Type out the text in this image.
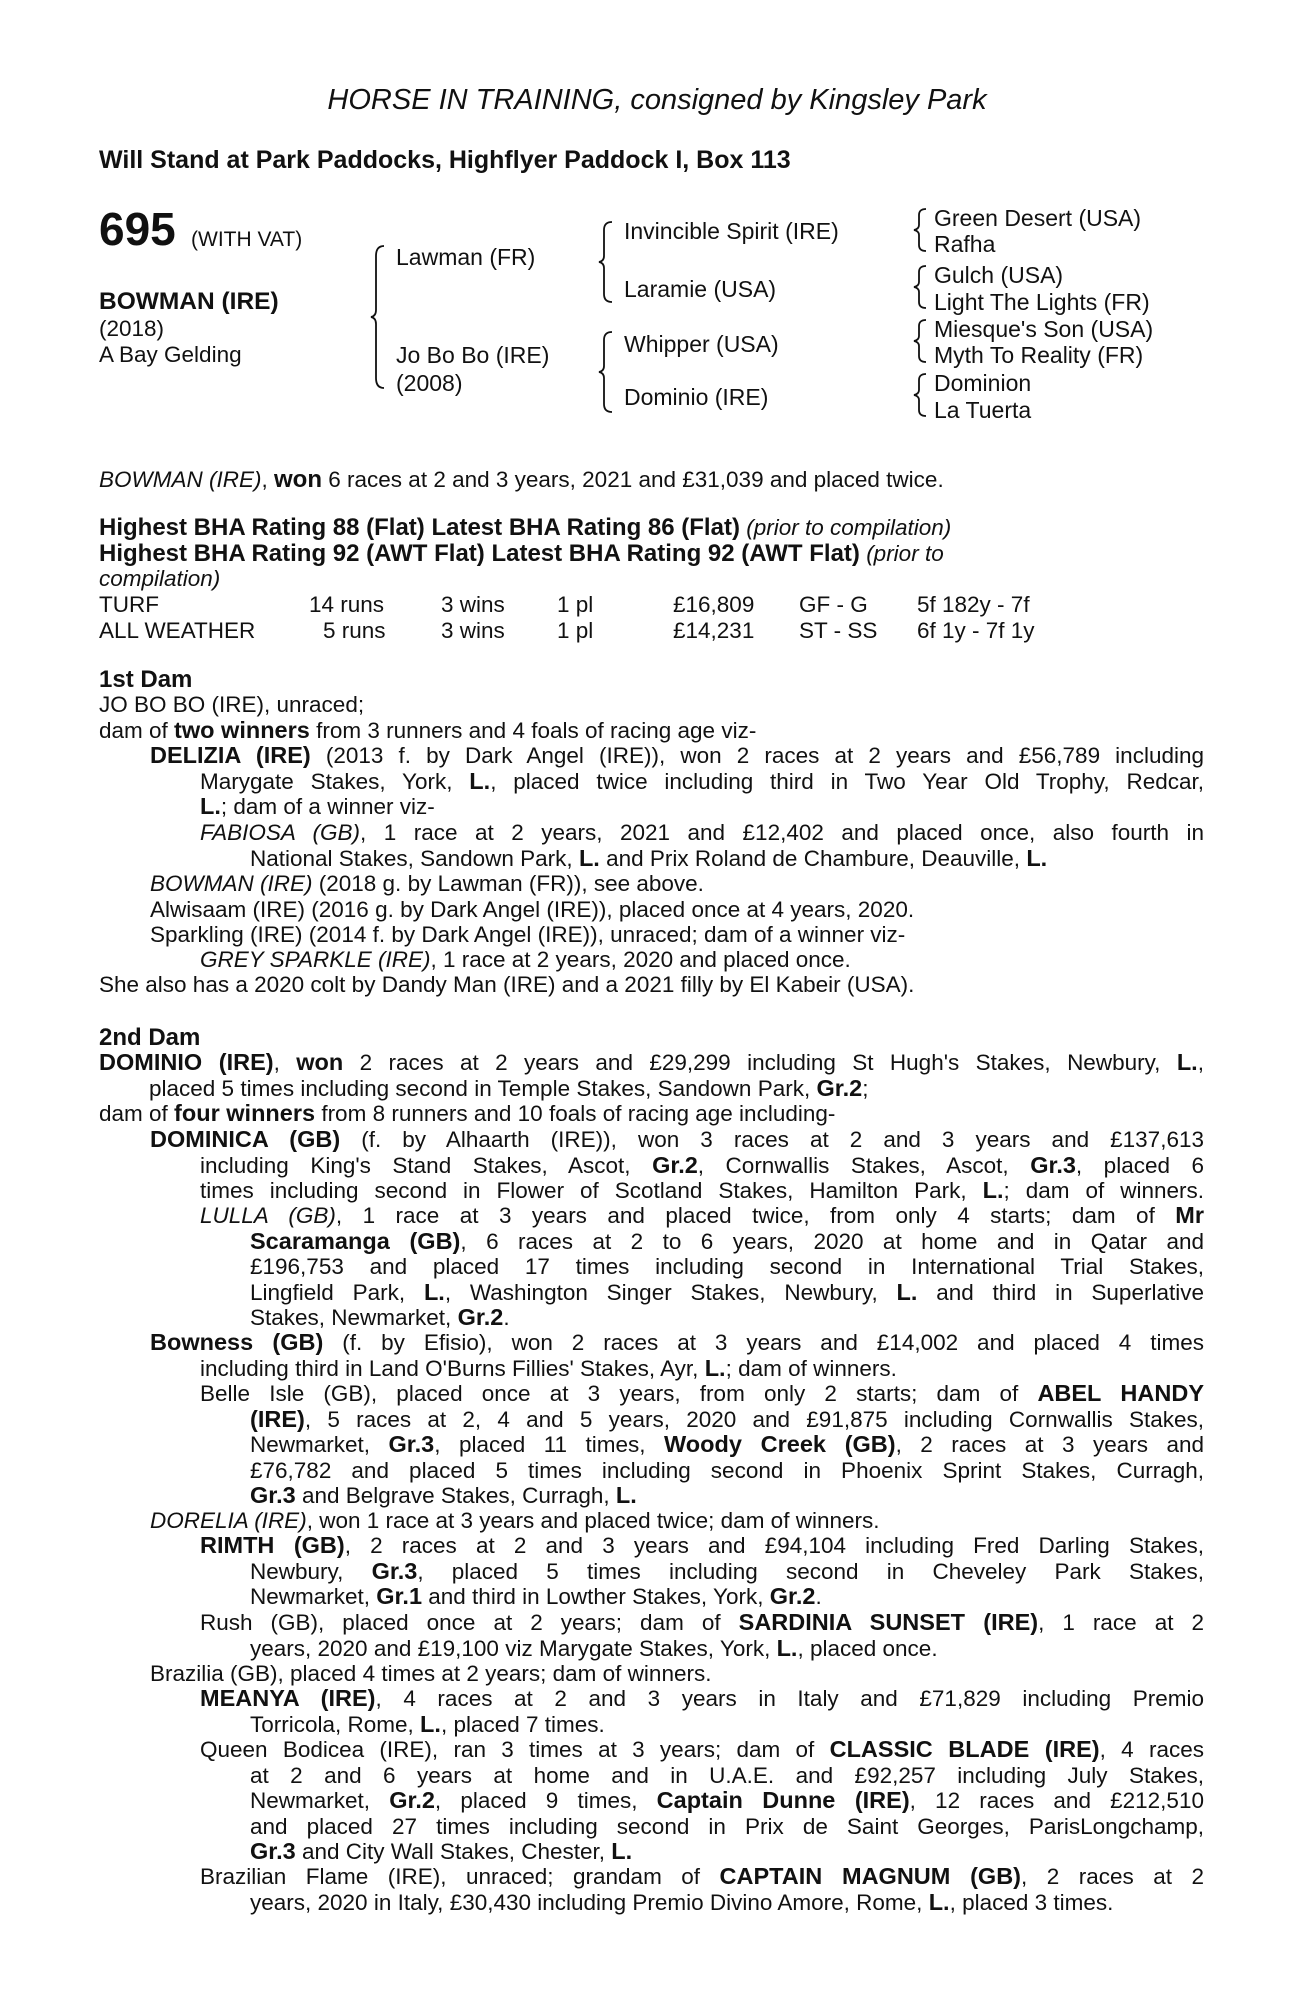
HORSE IN TRAINING, consigned by Kingsley Park
Will Stand at Park Paddocks, Highflyer Paddock I, Box 113
695 (WITH VAT)
BOWMAN (IRE)
(2018)
A Bay Gelding
Lawman (FR)
Jo Bo Bo (IRE)
(2008)
Invincible Spirit (IRE)
Laramie (USA)
Whipper (USA)
Dominio (IRE)
Green Desert (USA)
Rafha
Gulch (USA)
Light The Lights (FR)
Miesque's Son (USA)
Myth To Reality (FR)
Dominion
La Tuerta
BOWMAN (IRE), won 6 races at 2 and 3 years, 2021 and £31,039 and placed twice.
Highest BHA Rating 88 (Flat) Latest BHA Rating 86 (Flat) (prior to compilation)
Highest BHA Rating 92 (AWT Flat) Latest BHA Rating 92 (AWT Flat) (prior to
compilation)
TURF	14 runs	3 wins 1 pl	£16,809 GF - G 5f 182y - 7f
ALL WEATHER	5 runs 3 wins 1 pl	£14,231 ST - SS 6f 1y - 7f 1y
1st Dam
JO BO BO (IRE), unraced;
dam of two winners from 3 runners and 4 foals of racing age viz-
DELIZIA (IRE) (2013 f. by Dark Angel (IRE)), won 2 races at 2 years and £56,789 including
Marygate Stakes, York, L., placed twice including third in Two Year Old Trophy, Redcar,
L.; dam of a winner viz-
FABIOSA (GB), 1 race at 2 years, 2021 and £12,402 and placed once, also fourth in
National Stakes, Sandown Park, L. and Prix Roland de Chambure, Deauville, L.
BOWMAN (IRE) (2018 g. by Lawman (FR)), see above.
Alwisaam (IRE) (2016 g. by Dark Angel (IRE)), placed once at 4 years, 2020.
Sparkling (IRE) (2014 f. by Dark Angel (IRE)), unraced; dam of a winner viz-
GREY SPARKLE (IRE), 1 race at 2 years, 2020 and placed once.
She also has a 2020 colt by Dandy Man (IRE) and a 2021 filly by El Kabeir (USA).
2nd Dam
DOMINIO (IRE), won 2 races at 2 years and £29,299 including St Hugh's Stakes, Newbury, L.,
placed 5 times including second in Temple Stakes, Sandown Park, Gr.2;
dam of four winners from 8 runners and 10 foals of racing age including-
DOMINICA (GB) (f. by Alhaarth (IRE)), won 3 races at 2 and 3 years and £137,613
including King's Stand Stakes, Ascot, Gr.2, Cornwallis Stakes, Ascot, Gr.3, placed 6
times including second in Flower of Scotland Stakes, Hamilton Park, L.; dam of winners.
LULLA (GB), 1 race at 3 years and placed twice, from only 4 starts; dam of Mr
Scaramanga (GB), 6 races at 2 to 6 years, 2020 at home and in Qatar and
£196,753 and placed 17 times including second in International Trial Stakes,
Lingfield Park, L., Washington Singer Stakes, Newbury, L. and third in Superlative
Stakes, Newmarket, Gr.2.
Bowness (GB) (f. by Efisio), won 2 races at 3 years and £14,002 and placed 4 times
including third in Land O'Burns Fillies' Stakes, Ayr, L.; dam of winners.
Belle Isle (GB), placed once at 3 years, from only 2 starts; dam of ABEL HANDY
(IRE), 5 races at 2, 4 and 5 years, 2020 and £91,875 including Cornwallis Stakes,
Newmarket, Gr.3, placed 11 times, Woody Creek (GB), 2 races at 3 years and
£76,782 and placed 5 times including second in Phoenix Sprint Stakes, Curragh,
Gr.3 and Belgrave Stakes, Curragh, L.
DORELIA (IRE), won 1 race at 3 years and placed twice; dam of winners.
RIMTH (GB), 2 races at 2 and 3 years and £94,104 including Fred Darling Stakes,
Newbury, Gr.3, placed 5 times including second in Cheveley Park Stakes,
Newmarket, Gr.1 and third in Lowther Stakes, York, Gr.2.
Rush (GB), placed once at 2 years; dam of SARDINIA SUNSET (IRE), 1 race at 2
years, 2020 and £19,100 viz Marygate Stakes, York, L., placed once.
Brazilia (GB), placed 4 times at 2 years; dam of winners.
MEANYA (IRE), 4 races at 2 and 3 years in Italy and £71,829 including Premio
Torricola, Rome, L., placed 7 times.
Queen Bodicea (IRE), ran 3 times at 3 years; dam of CLASSIC BLADE (IRE), 4 races
at 2 and 6 years at home and in U.A.E. and £92,257 including July Stakes,
Newmarket, Gr.2, placed 9 times, Captain Dunne (IRE), 12 races and £212,510
and placed 27 times including second in Prix de Saint Georges, ParisLongchamp,
Gr.3 and City Wall Stakes, Chester, L.
Brazilian Flame (IRE), unraced; grandam of CAPTAIN MAGNUM (GB), 2 races at 2
years, 2020 in Italy, £30,430 including Premio Divino Amore, Rome, L., placed 3 times.
